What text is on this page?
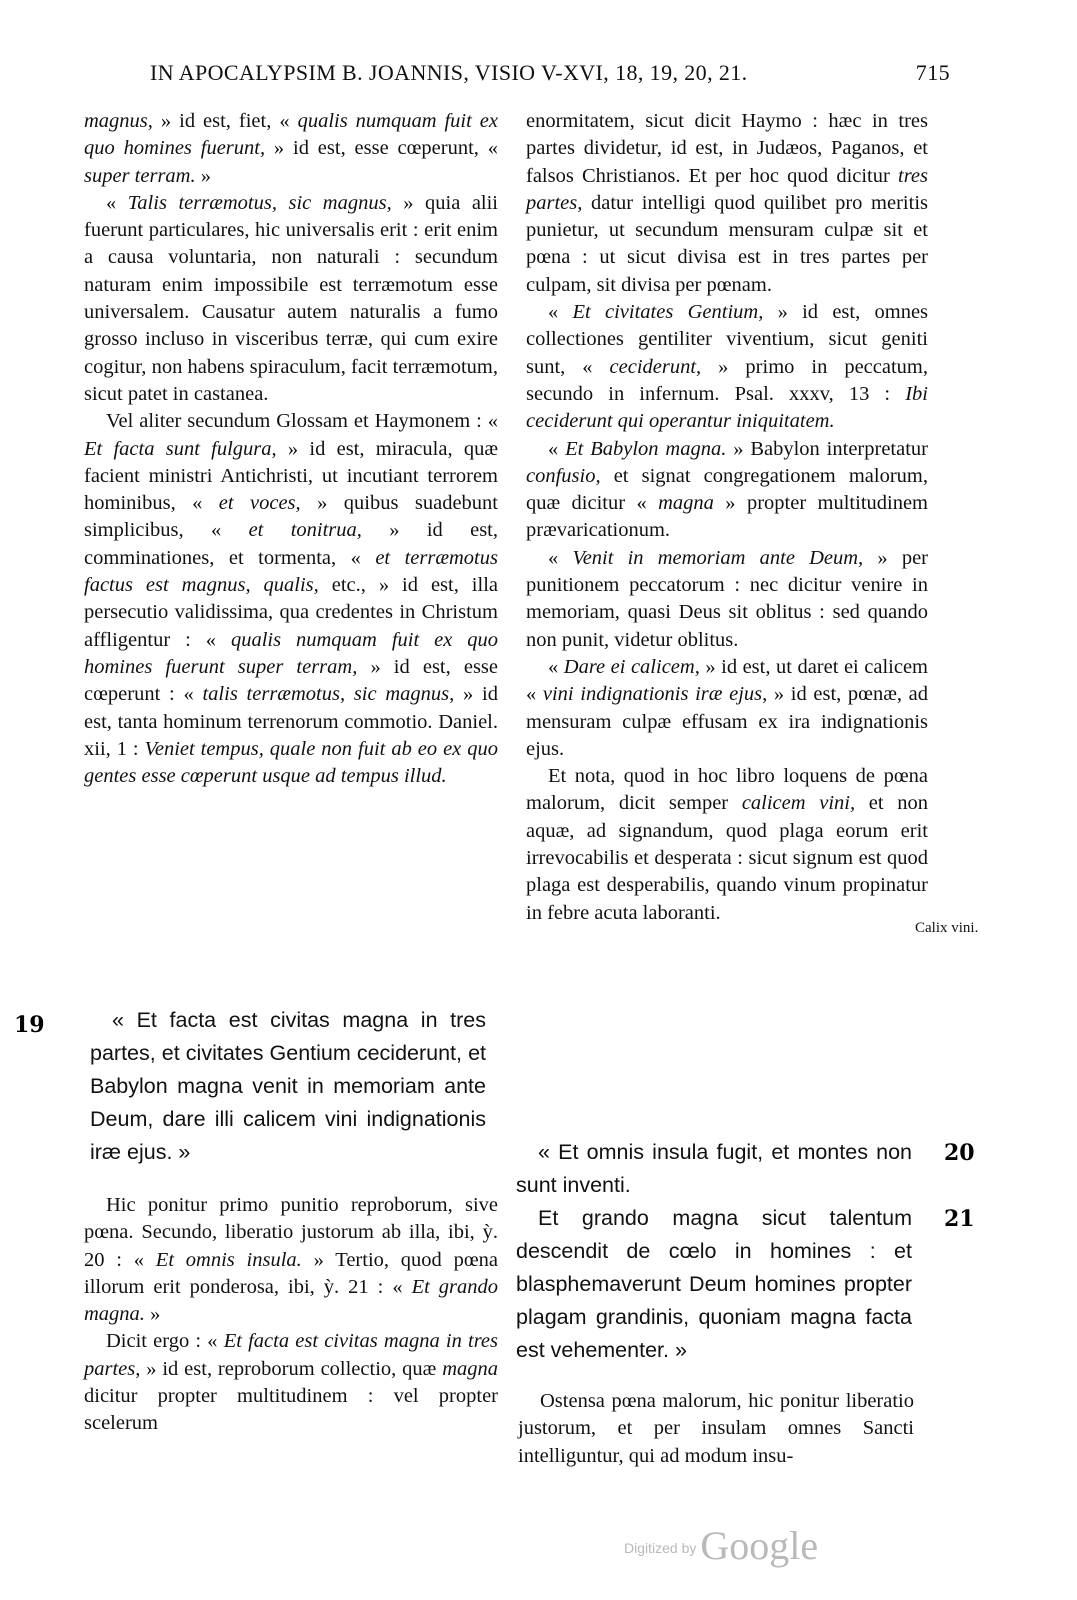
IN APOCALYPSIM B. JOANNIS, VISIO V-XVI, 18, 19, 20, 21.	715

magnus, » id est, fiet, « qualis numquam fuit ex quo homines fuerunt, » id est, esse cœperunt, « super terram. »

« Talis terræmotus, sic magnus, » quia alii fuerunt particulares, hic universalis erit : erit enim a causa voluntaria, non naturali : secundum naturam enim impossibile est terræmotum esse universalem. Causatur autem naturalis a fumo grosso incluso in visceribus terræ, qui cum exire cogitur, non habens spiraculum, facit terræmotum, sicut patet in castanea.

Vel aliter secundum Glossam et Haymonem : « Et facta sunt fulgura, » id est, miracula, quæ facient ministri Antichristi, ut incutiant terrorem hominibus, « et voces, » quibus suadebunt simplicibus, « et tonitrua, » id est, comminationes, et tormenta, « et terræmotus factus est magnus, qualis, etc., » id est, illa persecutio validissima, qua credentes in Christum affligentur : « qualis numquam fuit ex quo homines fuerunt super terram, » id est, esse cœperunt : « talis terræmotus, sic magnus, » id est, tanta hominum terrenorum commotio. Daniel. xii, 1 : Veniet tempus, quale non fuit ab eo ex quo gentes esse cœperunt usque ad tempus illud.

19	« Et facta est civitas magna in tres partes, et civitates Gentium ceciderunt, et Babylon magna venit in memoriam ante Deum, dare illi calicem vini indignationis iræ ejus. »

Hic ponitur primo punitio reproborum, sive pœna. Secundo, liberatio justorum ab illa, ibi, ỳ. 20 : « Et omnis insula. » Tertio, quod pœna illorum erit ponderosa, ibi, ỳ. 21 : « Et grando magna. »

Dicit ergo : « Et facta est civitas magna in tres partes, » id est, reproborum collectio, quæ magna dicitur propter multitudinem : vel propter scelerum

enormitatem, sicut dicit Haymo : hæc in tres partes dividetur, id est, in Judæos, Paganos, et falsos Christianos. Et per hoc quod dicitur tres partes, datur intelligi quod quilibet pro meritis punietur, ut secundum mensuram culpæ sit et pœna : ut sicut divisa est in tres partes per culpam, sit divisa per pœnam.

« Et civitates Gentium, » id est, omnes collectiones gentiliter viventium, sicut geniti sunt, « ceciderunt, » primo in peccatum, secundo in infernum. Psal. xxxv, 13 : Ibi ceciderunt qui operantur iniquitatem.

« Et Babylon magna. » Babylon interpretatur confusio, et signat congregationem malorum, quæ dicitur « magna » propter multitudinem prævaricationum.

« Venit in memoriam ante Deum, » per punitionem peccatorum : nec dicitur venire in memoriam, quasi Deus sit oblitus : sed quando non punit, videtur oblitus.

« Dare ei calicem, » id est, ut daret ei calicem « vini indignationis iræ ejus, » id est, pœnæ, ad mensuram culpæ effusam ex ira indignationis ejus.

Et nota, quod in hoc libro loquens de pœna malorum, dicit semper calicem vini, et non aquæ, ad signandum, quod plaga eorum erit irrevocabilis et desperata : sicut signum est quod plaga est desperabilis, quando vinum propinatur in febre acuta laboranti.

Calix vini.
20
21

« Et omnis insula fugit, et montes non sunt inventi.

Et grando magna sicut talentum descendit de cœlo in homines : et blasphemaverunt Deum homines propter plagam grandinis, quoniam magna facta est vehementer. »

Ostensa pœna malorum, hic ponitur liberatio justorum, et per insulam omnes Sancti intelliguntur, qui ad modum insu-

Digitized by Google
